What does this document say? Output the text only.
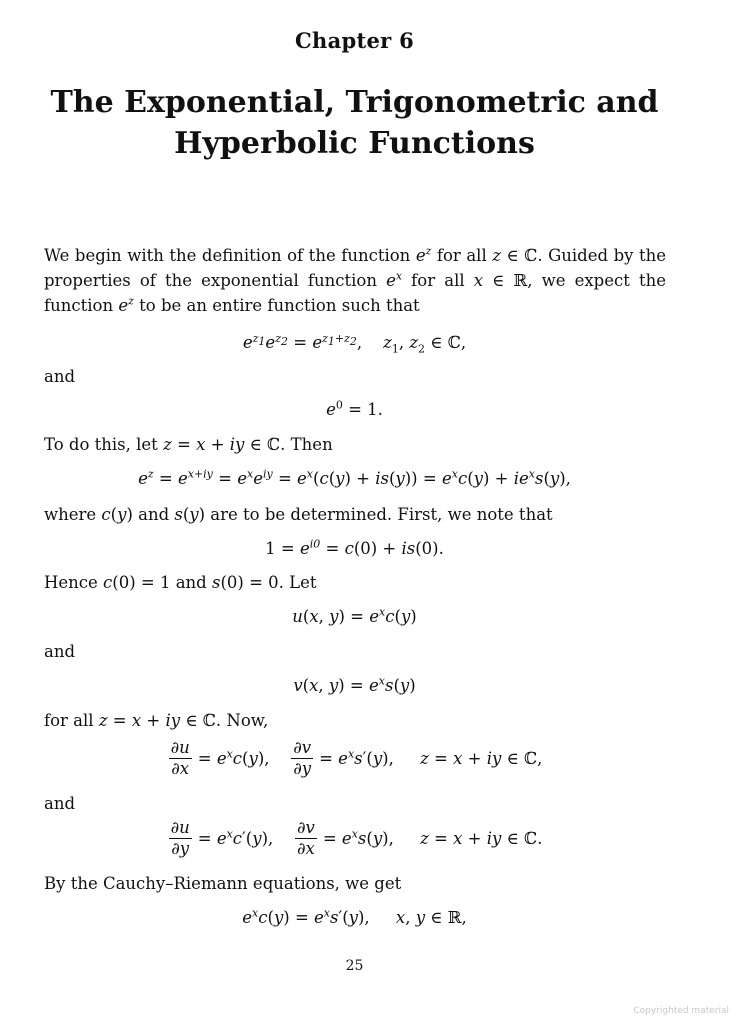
Chapter 6
The Exponential, Trigonometric and
Hyperbolic Functions
We begin with the definition of the function $e^z$ for all z ∈ ℂ. Guided by the properties of the exponential function $e^x$ for all x ∈ ℝ, we expect the function $e^z$ to be an entire function such that
$e^{z_1}e^{z_2} = e^{z_1+z_2}$,    $z_1$, $z_2$ ∈ ℂ,
and
$e^0 = 1$.
To do this, let z = x + iy ∈ ℂ. Then
$e^z = e^{x+iy} = e^xe^{iy} = e^x(c(y) + is(y)) = e^xc(y) + ie^xs(y)$,
where c(y) and s(y) are to be determined. First, we note that
$1 = e^{i0} = c(0) + is(0)$.
Hence c(0) = 1 and s(0) = 0. Let
u(x, $y) = e^xc(y)$
and
v(x, $y) = e^xs(y)$
for all z = x + iy ∈ ℂ. Now,
$\frac{\partial u}{\partial x} = e^xc(y)$, $\frac{\partial v}{\partial y} = e^xs'(y)$,     z = x + iy ∈ ℂ,
and
$\frac{\partial u}{\partial y} = e^xc'(y)$, $\frac{\partial v}{\partial x} = e^xs(y)$,     z = x + iy ∈ ℂ.
By the Cauchy–Riemann equations, we get
$e^xc(y) = e^xs'(y)$,     x, y ∈ ℝ,
25
Copyrighted material
